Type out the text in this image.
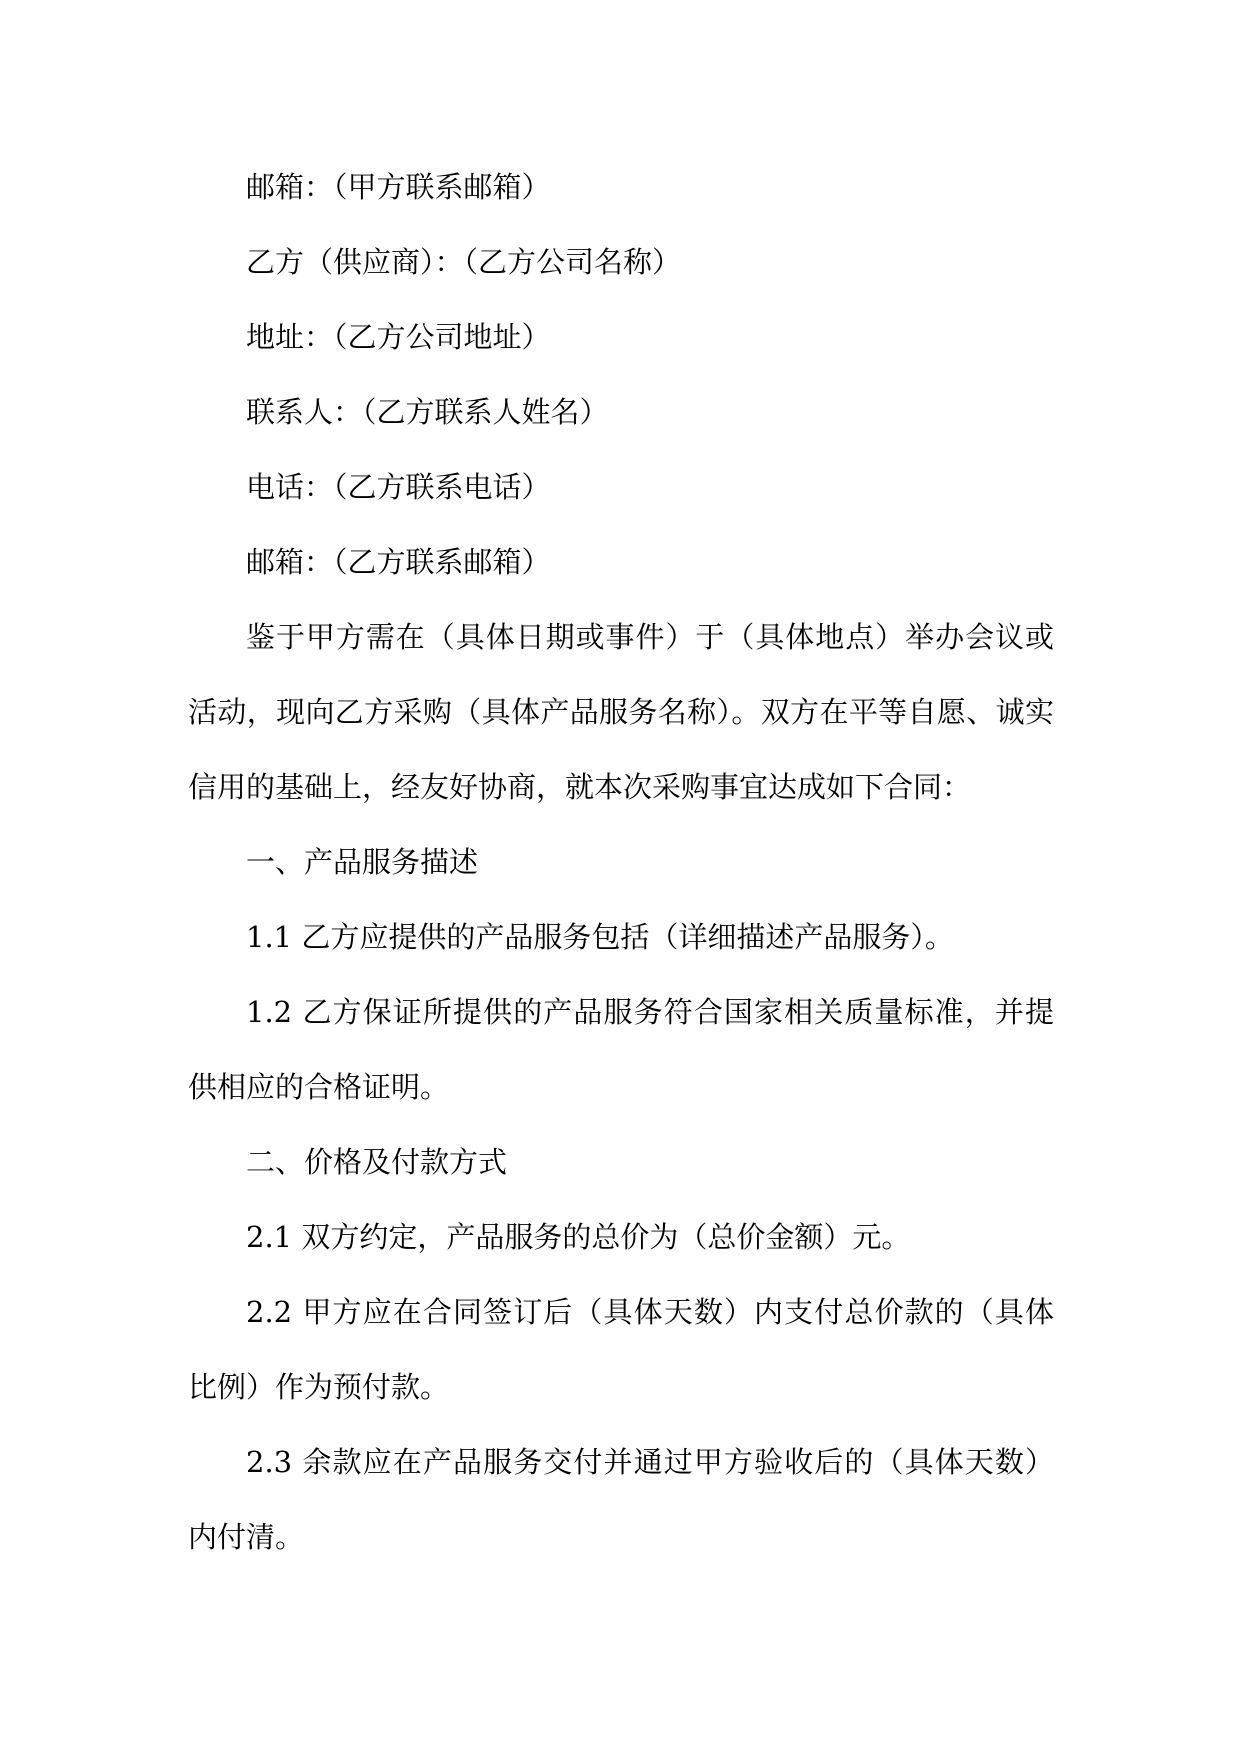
邮箱：（甲方联系邮箱）

乙方（供应商）：（乙方公司名称）

地址：（乙方公司地址）

联系人：（乙方联系人姓名）

电话：（乙方联系电话）

邮箱：（乙方联系邮箱）

鉴于甲方需在（具体日期或事件）于（具体地点）举办会议或活动，现向乙方采购（具体产品服务名称）。双方在平等自愿、诚实信用的基础上，经友好协商，就本次采购事宜达成如下合同：

一、产品服务描述

1.1 乙方应提供的产品服务包括（详细描述产品服务）。

1.2 乙方保证所提供的产品服务符合国家相关质量标准，并提供相应的合格证明。

二、价格及付款方式

2.1 双方约定，产品服务的总价为（总价金额）元。

2.2 甲方应在合同签订后（具体天数）内支付总价款的（具体比例）作为预付款。

2.3 余款应在产品服务交付并通过甲方验收后的（具体天数）内付清。
